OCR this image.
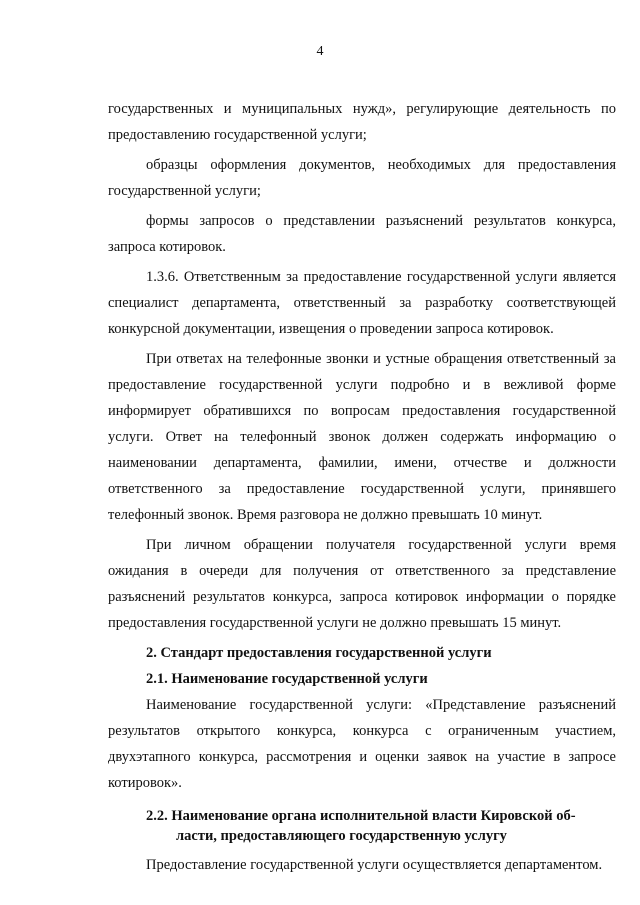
4

государственных и муниципальных нужд», регулирующие деятельность по предоставлению государственной услуги;

образцы оформления документов, необходимых для предоставления государственной услуги;

формы запросов о представлении разъяснений результатов конкурса, запроса котировок.

1.3.6. Ответственным за предоставление государственной услуги является специалист департамента, ответственный за разработку соответствующей конкурсной документации, извещения о проведении запроса котировок.

При ответах на телефонные звонки и устные обращения ответственный за предоставление государственной услуги подробно и в вежливой форме информирует обратившихся по вопросам предоставления государственной услуги. Ответ на телефонный звонок должен содержать информацию о наименовании департамента, фамилии, имени, отчестве и должности ответственного за предоставление государственной услуги, принявшего телефонный звонок. Время разговора не должно превышать 10 минут.

При личном обращении получателя государственной услуги время ожидания в очереди для получения от ответственного за представление разъяснений результатов конкурса, запроса котировок информации о порядке предоставления государственной услуги не должно превышать 15 минут.

2. Стандарт предоставления государственной услуги

2.1. Наименование государственной услуги

Наименование государственной услуги: «Представление разъяснений результатов открытого конкурса, конкурса с ограниченным участием, двухэтапного конкурса, рассмотрения и оценки заявок на участие в запросе котировок».

2.2. Наименование органа исполнительной власти Кировской об-
ласти, предоставляющего государственную услугу

Предоставление государственной услуги осуществляется департаментом.
